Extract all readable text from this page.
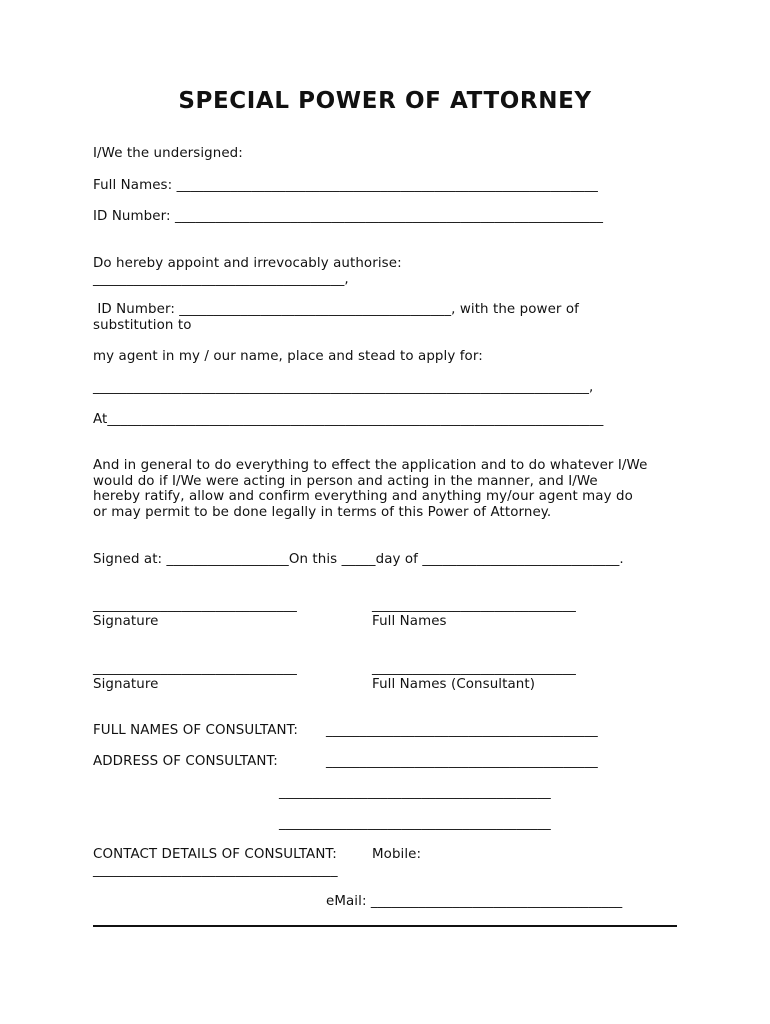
SPECIAL POWER OF ATTORNEY
I/We the undersigned:
Full Names: ______________________________________________________________
ID Number: _______________________________________________________________
Do hereby appoint and irrevocably authorise:
_____________________________________,
ID Number: ________________________________________, with the power of
substitution to
my agent in my / our name, place and stead to apply for:
_________________________________________________________________________,
At_________________________________________________________________________
And in general to do everything to effect the application and to do whatever I/We
would do if I/We were acting in person and acting in the manner, and I/We
hereby ratify, allow and confirm everything and anything my/our agent may do
or may permit to be done legally in terms of this Power of Attorney.
Signed at: __________________On this _____day of _____________________________.
______________________________	______________________________
Signature	Full Names
______________________________	______________________________
Signature	Full Names (Consultant)
FULL NAMES OF CONSULTANT: ________________________________________
ADDRESS OF CONSULTANT:	________________________________________
________________________________________
________________________________________
CONTACT DETAILS OF CONSULTANT:	Mobile:
____________________________________
eMail: _____________________________________
